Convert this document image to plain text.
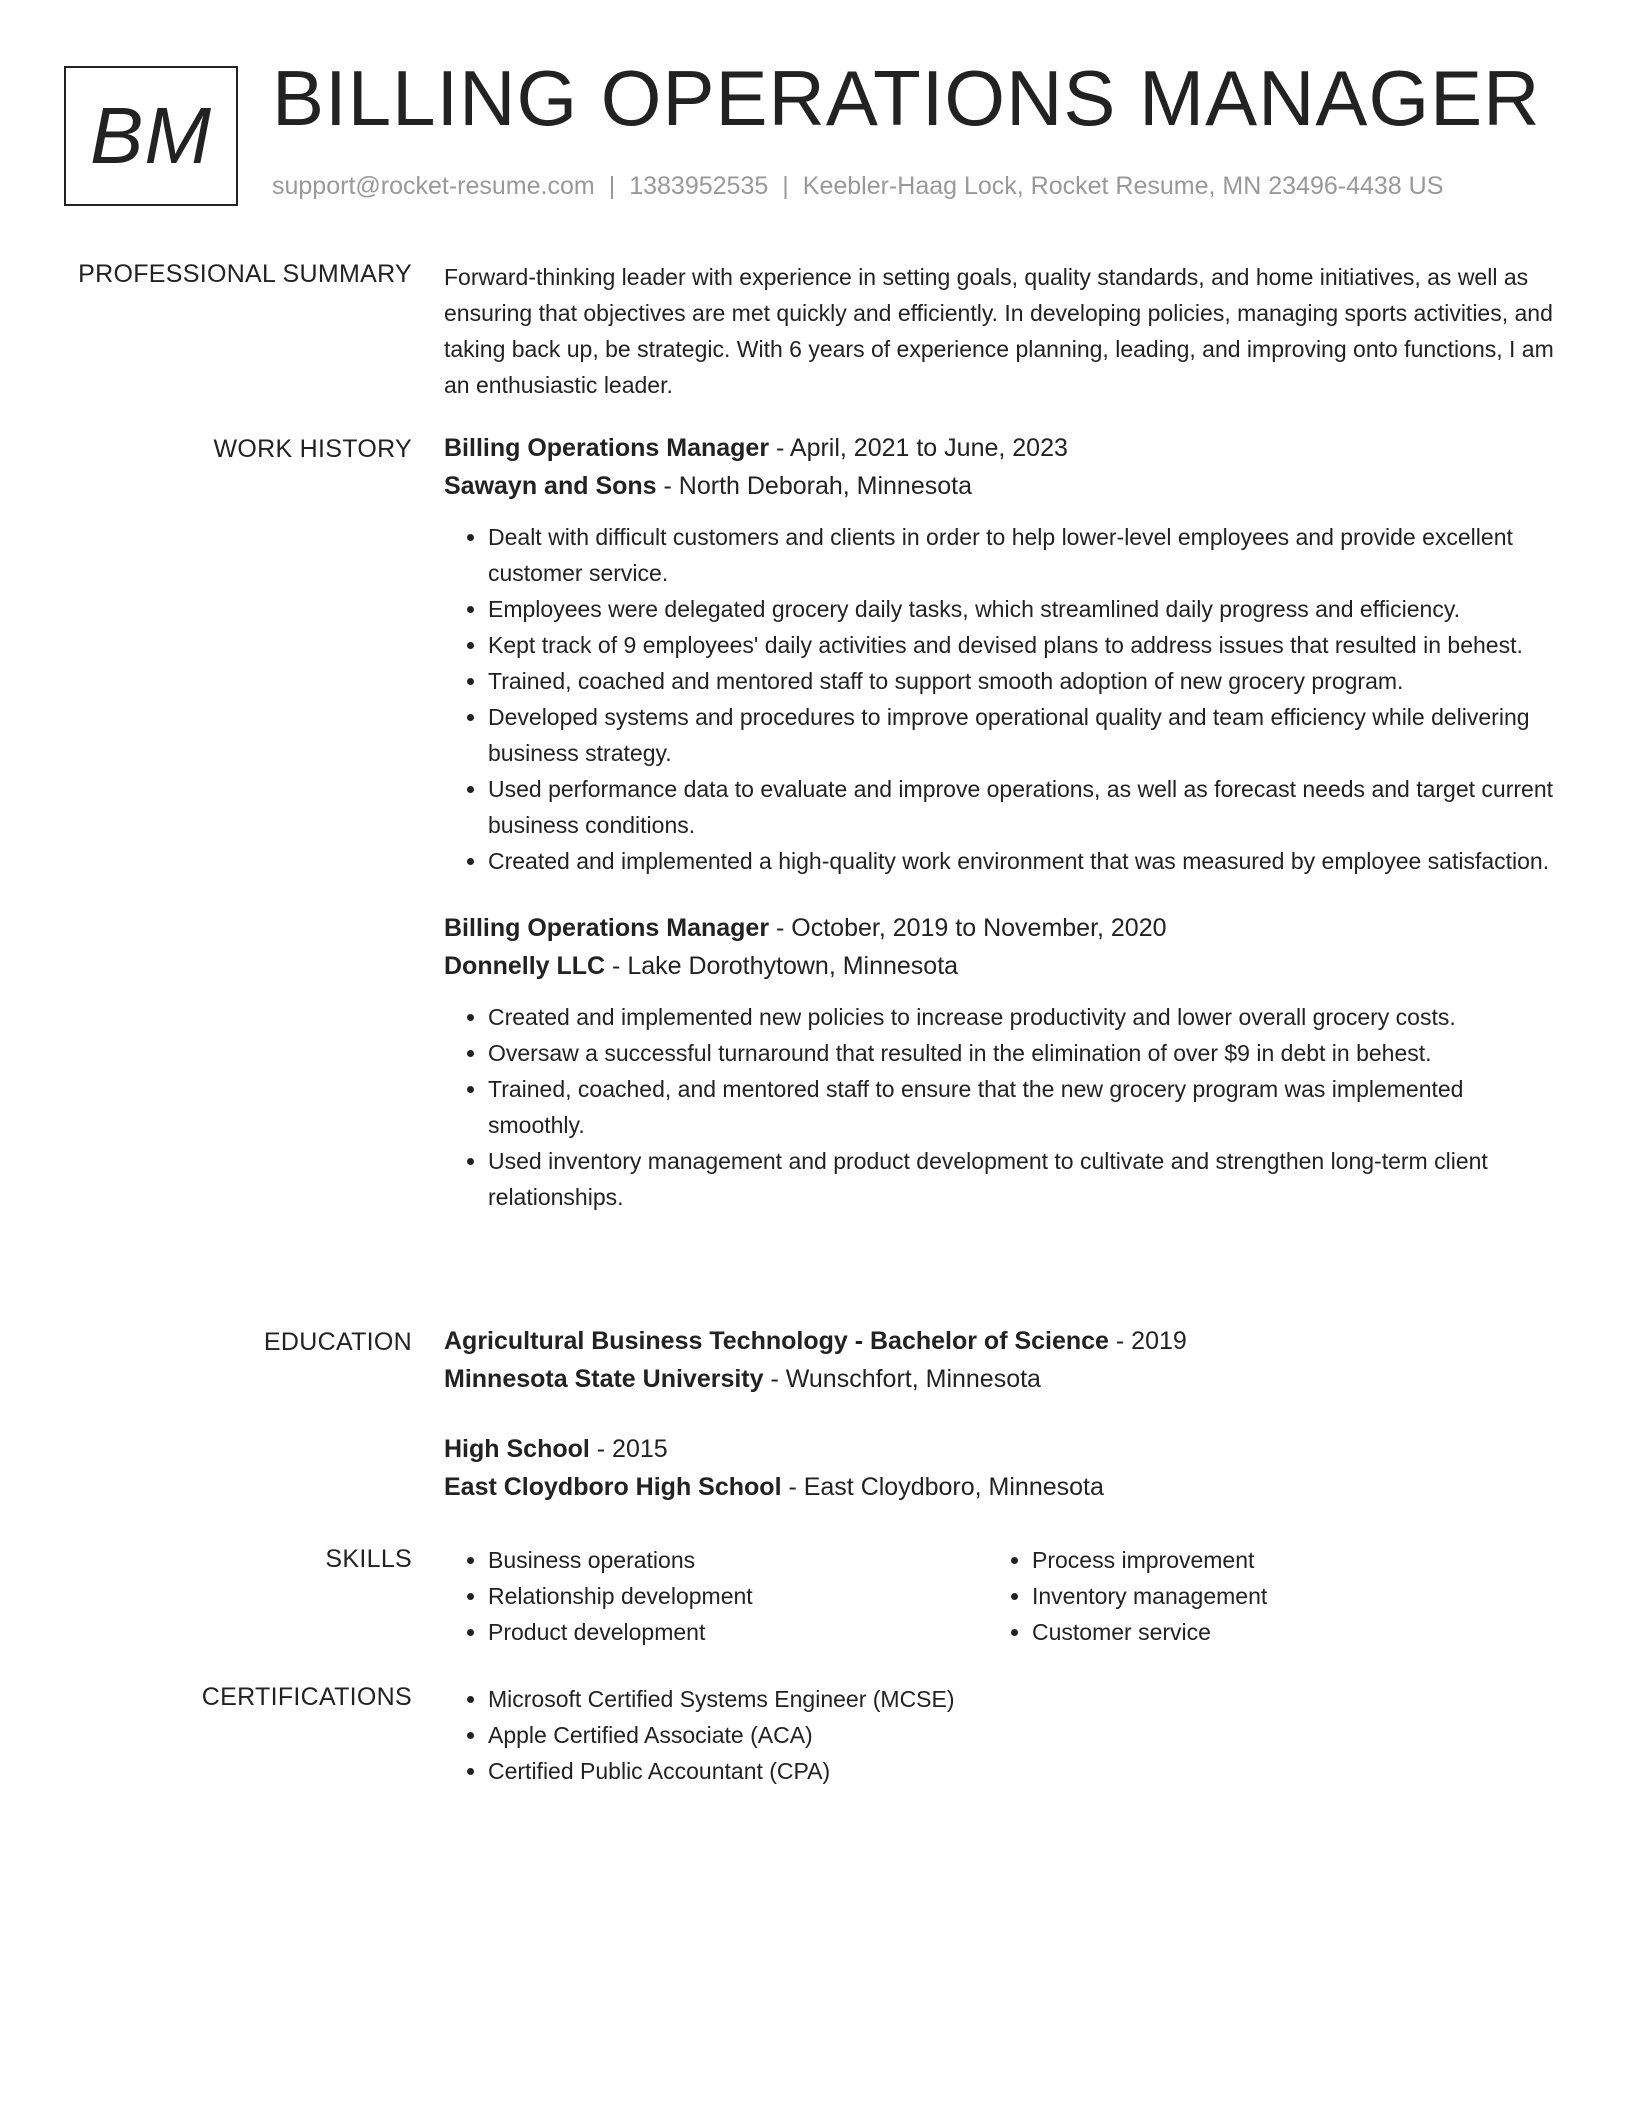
BM BILLING OPERATIONS MANAGER
support@rocket-resume.com | 1383952535 | Keebler-Haag Lock, Rocket Resume, MN 23496-4438 US
PROFESSIONAL SUMMARY Forward-thinking leader with experience in setting goals, quality standards, and home initiatives, as well as ensuring that objectives are met quickly and efficiently. In developing policies, managing sports activities, and taking back up, be strategic. With 6 years of experience planning, leading, and improving onto functions, I am an enthusiastic leader.

WORK HISTORY Billing Operations Manager - April, 2021 to June, 2023

Sawayn and Sons - North Deborah, Minnesota

• Dealt with difficult customers and clients in order to help lower-level employees and provide excellent customer service.
• Employees were delegated grocery daily tasks, which streamlined daily progress and efficiency.
• Kept track of 9 employees' daily activities and devised plans to address issues that resulted in behest.
• Trained, coached and mentored staff to support smooth adoption of new grocery program.
• Developed systems and procedures to improve operational quality and team efficiency while delivering business strategy.
• Used performance data to evaluate and improve operations, as well as forecast needs and target current business conditions.
• Created and implemented a high-quality work environment that was measured by employee satisfaction.

Billing Operations Manager - October, 2019 to November, 2020

Donnelly LLC - Lake Dorothytown, Minnesota

• Created and implemented new policies to increase productivity and lower overall grocery costs.
• Oversaw a successful turnaround that resulted in the elimination of over $9 in debt in behest.
• Trained, coached, and mentored staff to ensure that the new grocery program was implemented smoothly.
• Used inventory management and product development to cultivate and strengthen long-term client relationships.
EDUCATION Agricultural Business Technology - Bachelor of Science - 2019

Minnesota State University - Wunschfort, Minnesota

High School - 2015

East Cloydboro High School - East Cloydboro, Minnesota

SKILLS	• Business operations
• Relationship development
• Product development
• Process improvement
• Inventory management
• Customer service
CERTIFICATIONS	• Microsoft Certified Systems Engineer (MCSE)
• Apple Certified Associate (ACA)
• Certified Public Accountant (CPA)
